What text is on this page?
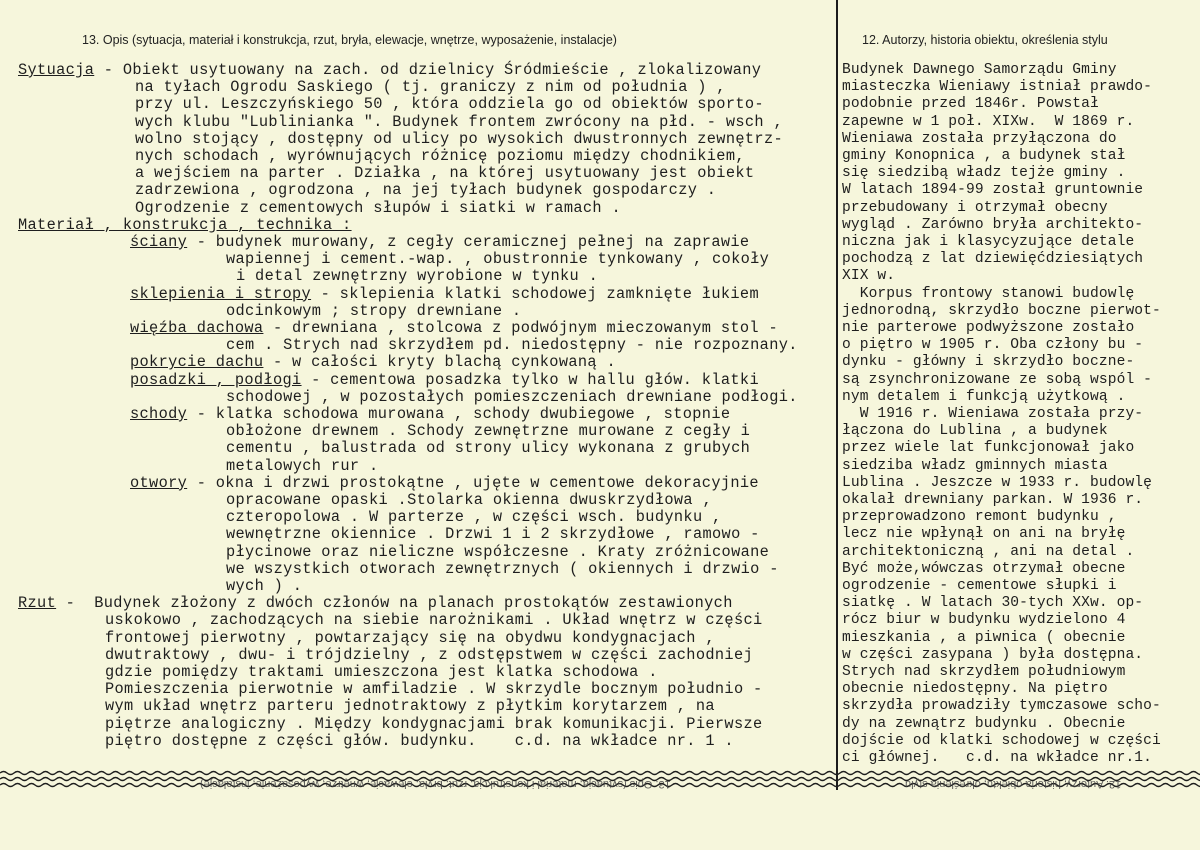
13. Opis (sytuacja, materiał i konstrukcja, rzut, bryła, elewacje, wnętrze, wyposażenie, instalacje)	12. Autorzy, historia obiektu, określenia stylu
Sytuacja - Obiekt usytuowany na zach. od dzielnicy Śródmieście , zlokalizowany
na tyłach Ogrodu Saskiego ( tj. graniczy z nim od południa ) ,
przy ul. Leszczyńskiego 50 , która oddziela go od obiektów sporto-
wych klubu "Lublinianka ". Budynek frontem zwrócony na płd. - wsch ,
wolno stojący , dostępny od ulicy po wysokich dwustronnych zewnętrz-
nych schodach , wyrównujących różnicę poziomu między chodnikiem,
a wejściem na parter . Działka , na której usytuowany jest obiekt
zadrzewiona , ogrodzona , na jej tyłach budynek gospodarczy .
Ogrodzenie z cementowych słupów i siatki w ramach .
Materiał , konstrukcja , technika :
ściany - budynek murowany, z cegły ceramicznej pełnej na zaprawie
wapiennej i cement.-wap. , obustronnie tynkowany , cokoły
i detal zewnętrzny wyrobione w tynku .
sklepienia i stropy - sklepienia klatki schodowej zamknięte łukiem
odcinkowym ; stropy drewniane .
więźba dachowa - drewniana , stolcowa z podwójnym mieczowanym stol -
cem . Strych nad skrzydłem pd. niedostępny - nie rozpoznany.
pokrycie dachu - w całości kryty blachą cynkowaną .
posadzki , podłogi - cementowa posadzka tylko w hallu głów. klatki
schodowej , w pozostałych pomieszczeniach drewniane podłogi.
schody - klatka schodowa murowana , schody dwubiegowe , stopnie
obłożone drewnem . Schody zewnętrzne murowane z cegły i
cementu , balustrada od strony ulicy wykonana z grubych
metalowych rur .
otwory - okna i drzwi prostokątne , ujęte w cementowe dekoracyjnie
opracowane opaski .Stolarka okienna dwuskrzydłowa ,
czteropolowa . W parterze , w części wsch. budynku ,
wewnętrzne okiennice . Drzwi 1 i 2 skrzydłowe , ramowo -
płycinowe oraz nieliczne współczesne . Kraty zróżnicowane
we wszystkich otworach zewnętrznych ( okiennych i drzwio -
wych ) .
Rzut -  Budynek złożony z dwóch członów na planach prostokątów zestawionych
uskokowo , zachodzących na siebie narożnikami . Układ wnętrz w części
frontowej pierwotny , powtarzający się na obydwu kondygnacjach ,
dwutraktowy , dwu- i trójdzielny , z odstępstwem w części zachodniej
gdzie pomiędzy traktami umieszczona jest klatka schodowa .
Pomieszczenia pierwotnie w amfiladzie . W skrzydle bocznym południo -
wym układ wnętrz parteru jednotraktowy z płytkim korytarzem , na
piętrze analogiczny . Między kondygnacjami brak komunikacji. Pierwsze
piętro dostępne z części głów. budynku.    c.d. na wkładce nr. 1 .
Budynek Dawnego Samorządu Gminy
miasteczka Wieniawy istniał prawdo-
podobnie przed 1846r. Powstał
zapewne w 1 poł. XIXw.  W 1869 r.
Wieniawa została przyłączona do
gminy Konopnica , a budynek stał
się siedzibą władz tejże gminy .
W latach 1894-99 został gruntownie
przebudowany i otrzymał obecny
wygląd . Zarówno bryła architekto-
niczna jak i klasycyzujące detale
pochodzą z lat dziewięćdziesiątych
XIX w.
Korpus frontowy stanowi budowlę
jednorodną, skrzydło boczne pierwot-
nie parterowe podwyższone zostało
o piętro w 1905 r. Oba człony bu -
dynku - główny i skrzydło boczne-
są zsynchronizowane ze sobą wspól -
nym detalem i funkcją użytkową .
W 1916 r. Wieniawa została przy-
łączona do Lublina , a budynek
przez wiele lat funkcjonował jako
siedziba władz gminnych miasta
Lublina . Jeszcze w 1933 r. budowlę
okalał drewniany parkan. W 1936 r.
przeprowadzono remont budynku ,
lecz nie wpłynął on ani na bryłę
architektoniczną , ani na detal .
Być może,wówczas otrzymał obecne
ogrodzenie - cementowe słupki i
siatkę . W latach 30-tych XXw. op-
rócz biur w budynku wydzielono 4
mieszkania , a piwnica ( obecnie
w części zasypana ) była dostępna.
Strych nad skrzydłem południowym
obecnie niedostępny. Na piętro
skrzydła prowadziły tymczasowe scho-
dy na zewnątrz budynku . Obecnie
dojście od klatki schodowej w części
ci głównej.   c.d. na wkładce nr.1.
13. Opis (sytuacja, materiał i konstrukcja, rzut, bryła, elewacje, wnętrze, wyposażenie, instalacje)	12. Autorzy, historia obiektu, określenia stylu
